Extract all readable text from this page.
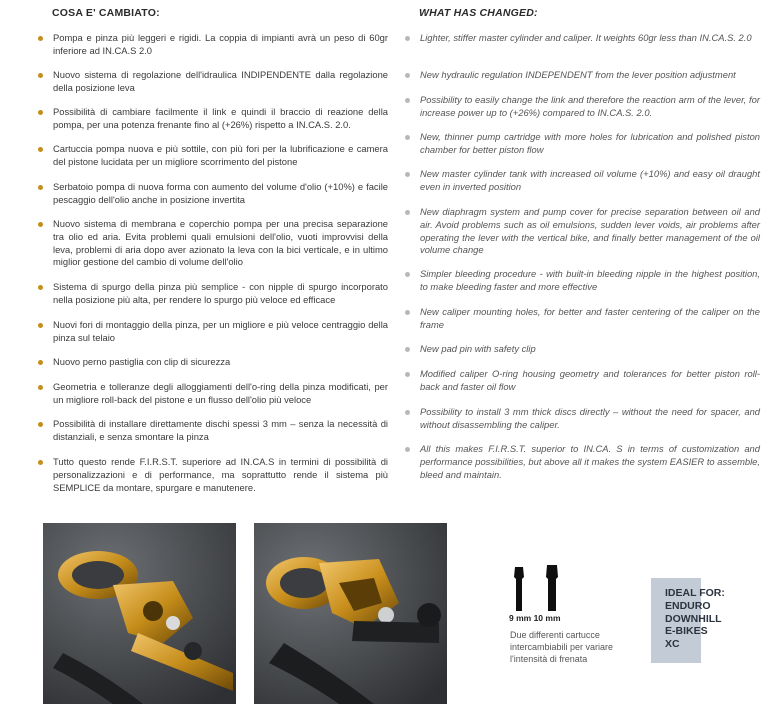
COSA E' CAMBIATO:
Pompa e pinza più leggeri e rigidi. La coppia di impianti avrà un peso di 60gr inferiore ad IN.CA.S 2.0
Nuovo sistema di regolazione dell'idraulica INDIPENDENTE dalla regolazione della posizione leva
Possibilità di cambiare facilmente il link e quindi il braccio di reazione della pompa, per una potenza frenante fino al (+26%) rispetto a IN.CA.S. 2.0.
Cartuccia pompa nuova e più sottile, con più fori per la lubrificazione e camera del pistone lucidata per un migliore scorrimento del pistone
Serbatoio pompa di nuova forma con aumento del volume d'olio (+10%) e facile pescaggio dell'olio anche in posizione invertita
Nuovo sistema di membrana e coperchio pompa per una precisa separazione tra olio ed aria. Evita problemi quali emulsioni dell'olio, vuoti improvvisi della leva, problemi di aria dopo aver azionato la leva con la bici verticale, e in ultimo miglior gestione del cambio di volume dell'olio
Sistema di spurgo della pinza più semplice - con nipple di spurgo incorporato nella posizione più alta, per rendere lo spurgo più veloce ed efficace
Nuovi fori di montaggio della pinza, per un migliore e più veloce centraggio della pinza sul telaio
Nuovo perno pastiglia con clip di sicurezza
Geometria e tolleranze degli alloggiamenti dell'o-ring della pinza modificati, per un migliore roll-back del pistone e un flusso dell'olio più veloce
Possibilità di installare direttamente dischi spessi 3 mm – senza la necessità di distanziali, e senza smontare la pinza
Tutto questo rende F.I.R.S.T. superiore ad IN.CA.S in termini di possibilità di personalizzazioni e di performance, ma soprattutto rende il sistema più SEMPLICE da montare, spurgare e manutenere.
WHAT HAS CHANGED:
Lighter, stiffer master cylinder and caliper. It weights 60gr less than IN.CA.S. 2.0
New hydraulic regulation INDEPENDENT from the lever position adjustment
Possibility to easily change the link and therefore the reaction arm of the lever, for increase power up to (+26%) compared to IN.CA.S. 2.0.
New, thinner pump cartridge with more holes for lubrication and polished piston chamber for better piston flow
New master cylinder tank with increased oil volume (+10%) and easy oil draught even in inverted position
New diaphragm system and pump cover for precise separation between oil and air. Avoid problems such as oil emulsions, sudden lever voids, air problems after operating the lever with the vertical bike, and finally better management of the oil volume change
Simpler bleeding procedure - with built-in bleeding nipple in the highest position, to make bleeding faster and more effective
New caliper mounting holes, for better and faster centering of the caliper on the frame
New pad pin with safety clip
Modified caliper O-ring housing geometry and tolerances for better piston roll-back and faster oil flow
Possibility to install 3 mm thick discs directly – without the need for spacer, and without disassembling the caliper.
All this makes F.I.R.S.T. superior to IN.CA. S in terms of customization and performance possibilities, but above all it makes the system EASIER to assemble, bleed and maintain.
9 mm 10 mm
Due differenti cartucce intercambiabili per variare l'intensità di frenata
IDEAL FOR:
ENDURO
DOWNHILL
E-BIKES
XC
